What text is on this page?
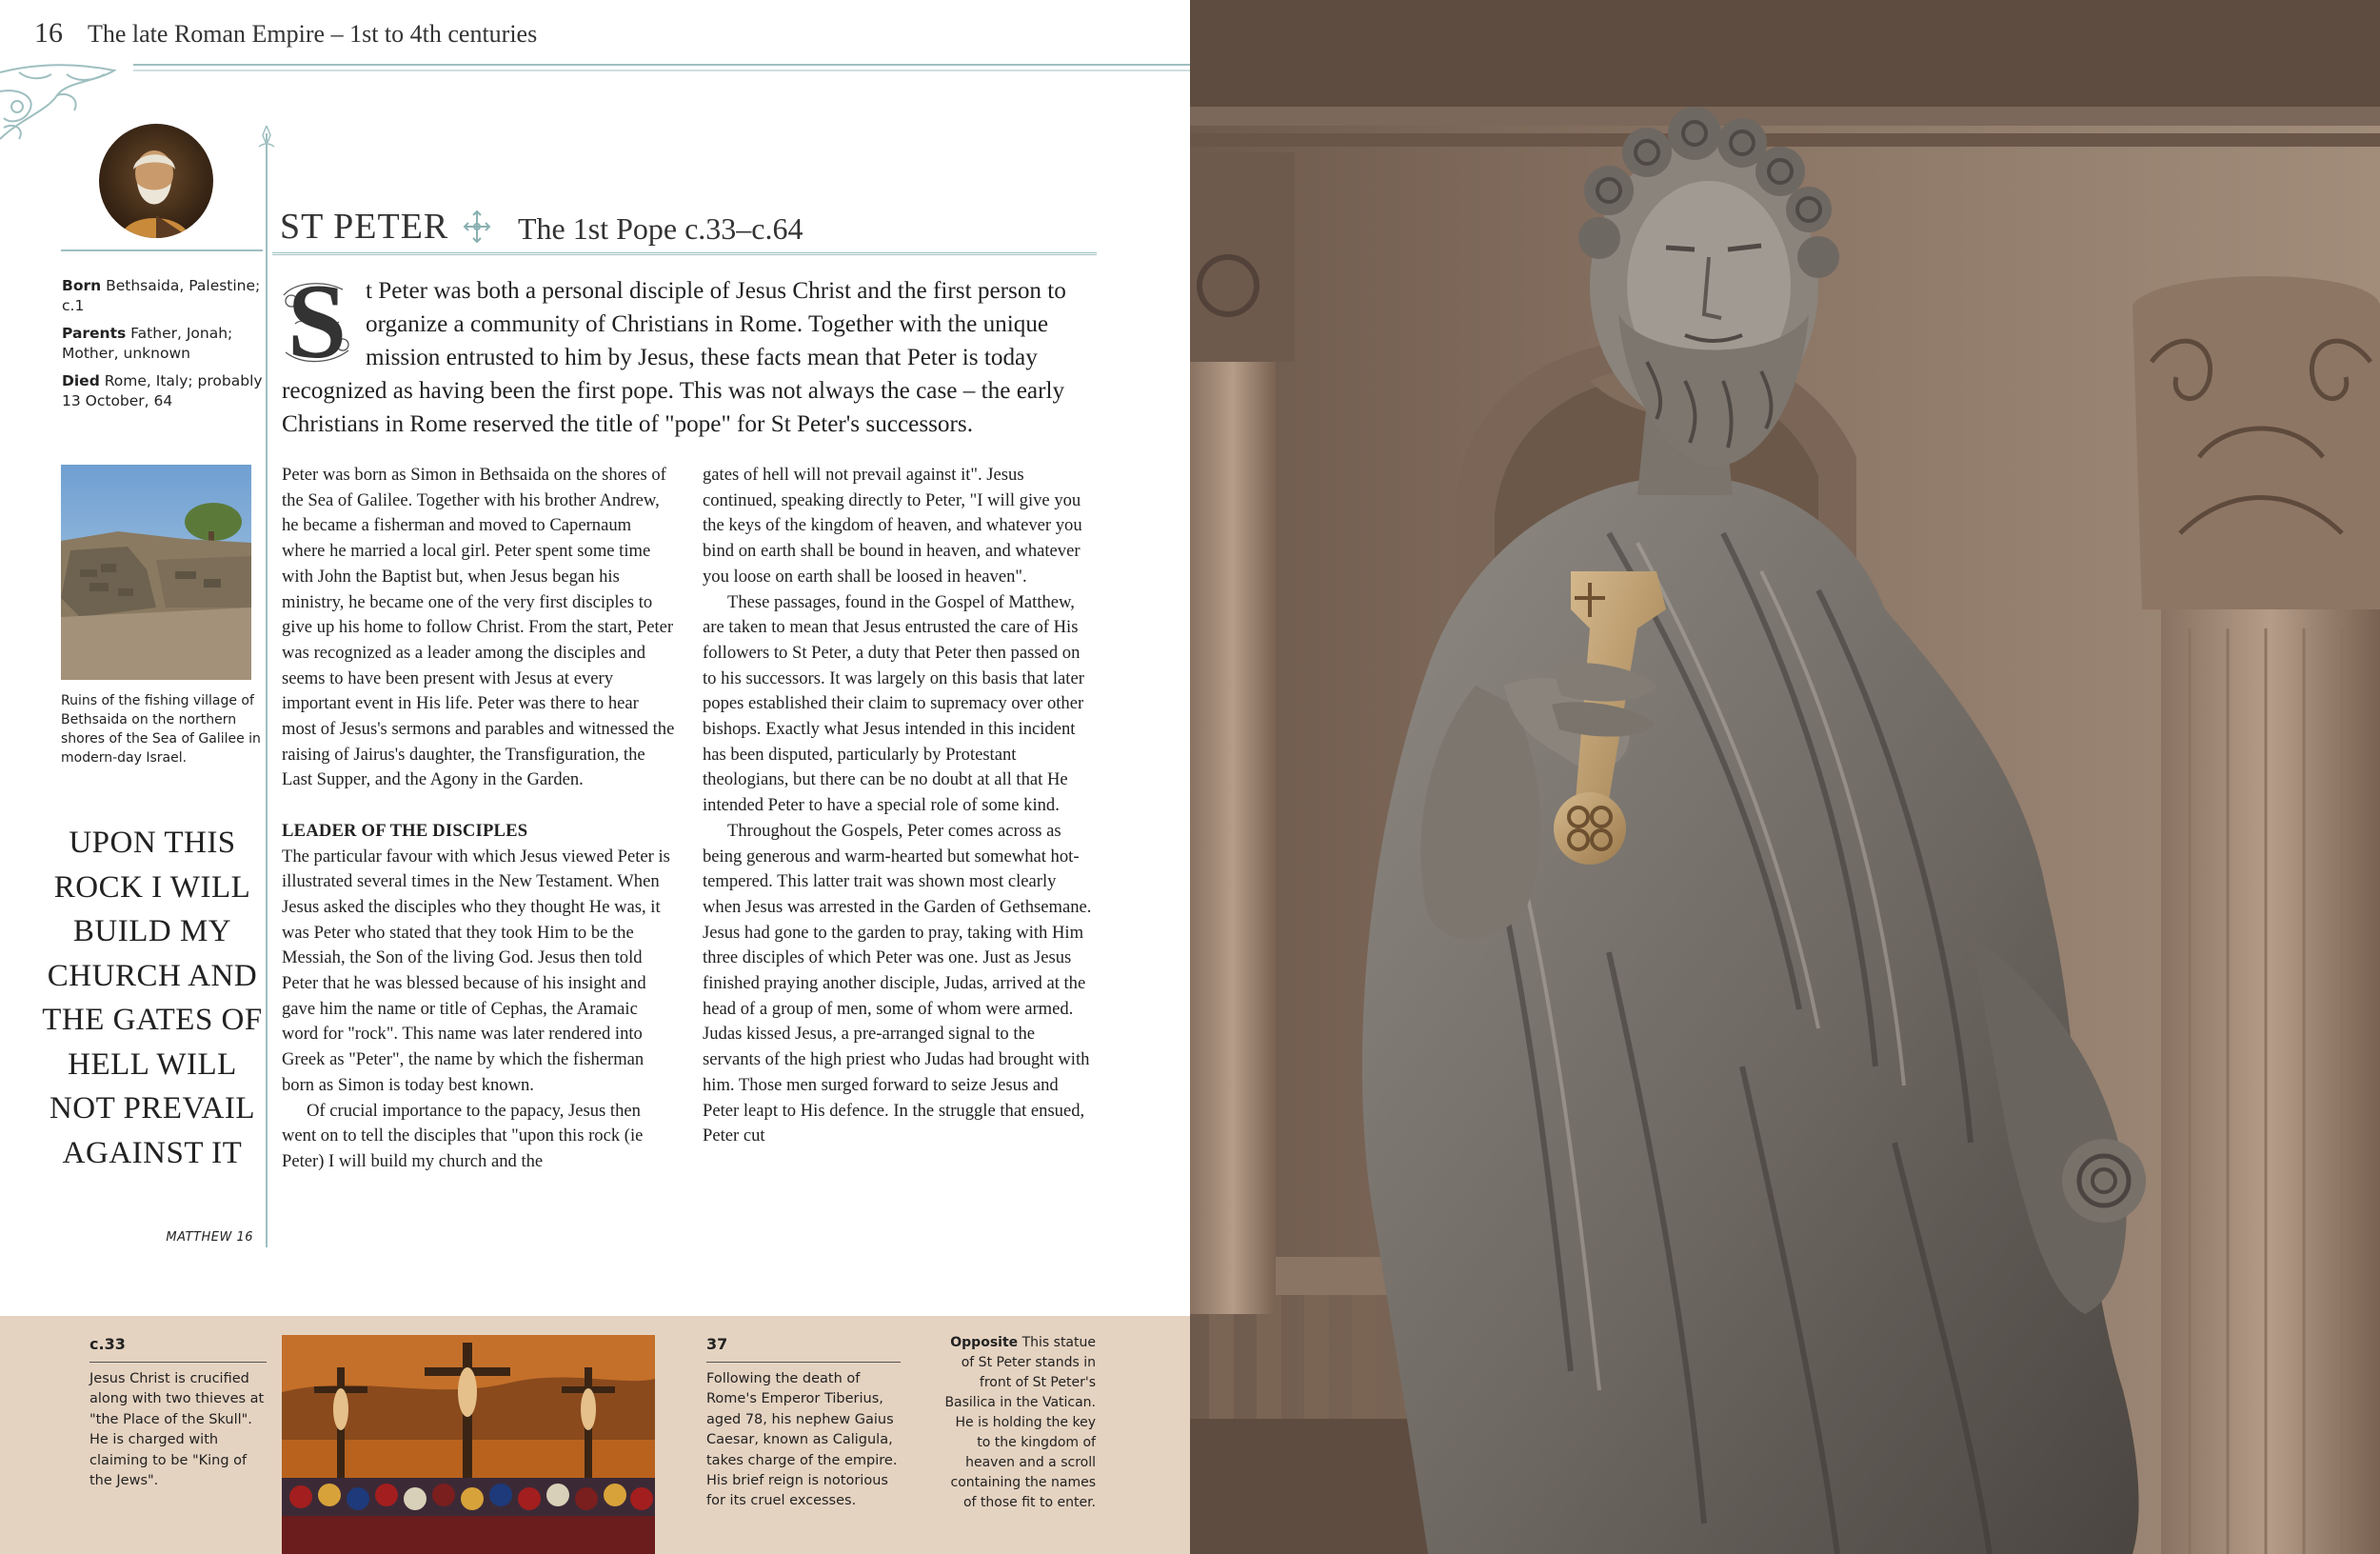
16 The late Roman Empire – 1st to 4th centuries
ST PETER The 1st Pope c.33–c.64

Born Bethsaida, Palestine; c.1

Parents Father, Jonah; Mother, unknown

Died Rome, Italy; probably 13 October, 64

Ruins of the fishing village of Bethsaida on the northern shores of the Sea of Galilee in modern-day Israel.
UPON THIS ROCK I WILL BUILD MY CHURCH AND THE GATES OF HELL WILL NOT PREVAIL AGAINST IT
MATTHEW 16
S t Peter was both a personal disciple of Jesus Christ and the first person to organize a community of Christians in Rome. Together with the unique mission entrusted to him by Jesus, these facts mean that Peter is today recognized as having been the first pope. This was not always the case – the early Christians in Rome reserved the title of "pope" for St Peter's successors.

Peter was born as Simon in Bethsaida on the shores of the Sea of Galilee. Together with his brother Andrew, he became a fisherman and moved to Capernaum where he married a local girl. Peter spent some time with John the Baptist but, when Jesus began his ministry, he became one of the very first disciples to give up his home to follow Christ. From the start, Peter was recognized as a leader among the disciples and seems to have been present with Jesus at every important event in His life. Peter was there to hear most of Jesus's sermons and parables and witnessed the raising of Jairus's daughter, the Transfiguration, the Last Supper, and the Agony in the Garden.

LEADER OF THE DISCIPLES

The particular favour with which Jesus viewed Peter is illustrated several times in the New Testament. When Jesus asked the disciples who they thought He was, it was Peter who stated that they took Him to be the Messiah, the Son of the living God. Jesus then told Peter that he was blessed because of his insight and gave him the name or title of Cephas, the Aramaic word for "rock". This name was later rendered into Greek as "Peter", the name by which the fisherman born as Simon is today best known.

Of crucial importance to the papacy, Jesus then went on to tell the disciples that "upon this rock (ie Peter) I will build my church and the

gates of hell will not prevail against it". Jesus continued, speaking directly to Peter, "I will give you the keys of the kingdom of heaven, and whatever you bind on earth shall be bound in heaven, and whatever you loose on earth shall be loosed in heaven".

These passages, found in the Gospel of Matthew, are taken to mean that Jesus entrusted the care of His followers to St Peter, a duty that Peter then passed on to his successors. It was largely on this basis that later popes established their claim to supremacy over other bishops. Exactly what Jesus intended in this incident has been disputed, particularly by Protestant theologians, but there can be no doubt at all that He intended Peter to have a special role of some kind.

Throughout the Gospels, Peter comes across as being generous and warm-hearted but somewhat hot-tempered. This latter trait was shown most clearly when Jesus was arrested in the Garden of Gethsemane. Jesus had gone to the garden to pray, taking with Him three disciples of which Peter was one. Just as Jesus finished praying another disciple, Judas, arrived at the head of a group of men, some of whom were armed. Judas kissed Jesus, a pre-arranged signal to the servants of the high priest who Judas had brought with him. Those men surged forward to seize Jesus and Peter leapt to His defence. In the struggle that ensued, Peter cut

c.33
Jesus Christ is crucified along with two thieves at "the Place of the Skull". He is charged with claiming to be "King of the Jews".
37
Following the death of Rome's Emperor Tiberius, aged 78, his nephew Gaius Caesar, known as Caligula, takes charge of the empire. His brief reign is notorious for its cruel excesses.
Opposite This statue of St Peter stands in front of St Peter's Basilica in the Vatican. He is holding the key to the kingdom of heaven and a scroll containing the names of those fit to enter.
